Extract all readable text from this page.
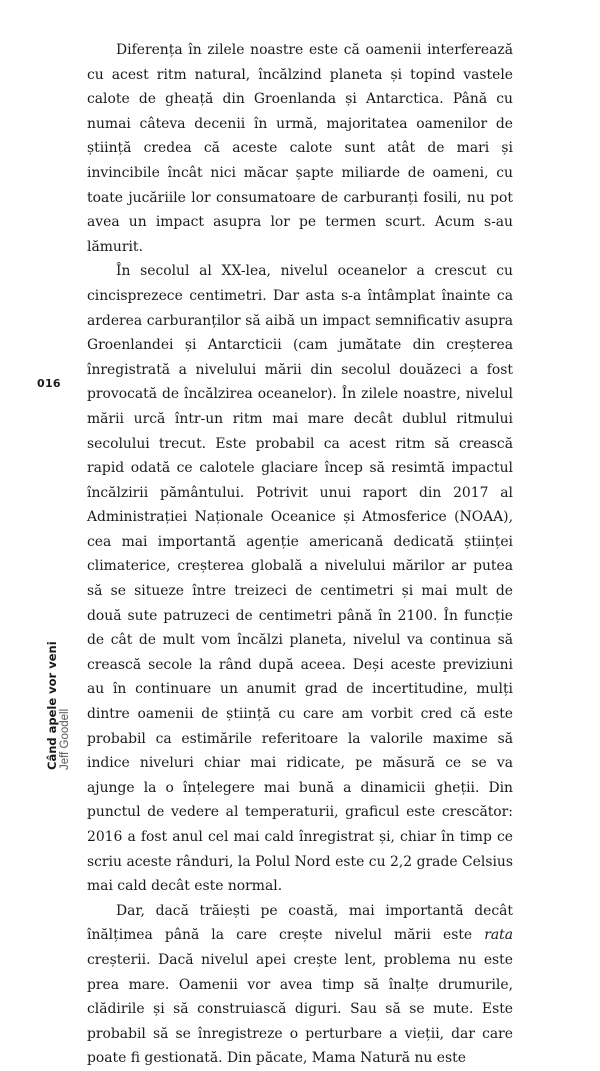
Diferența în zilele noastre este că oamenii interferează cu acest ritm natural, încălzind planeta și topind vastele calote de gheață din Groenlanda și Antarctica. Până cu numai câteva decenii în urmă, majoritatea oamenilor de știință credea că aceste calote sunt atât de mari și invincibile încât nici măcar șapte miliarde de oameni, cu toate jucăriile lor consumatoare de carburanți fosili, nu pot avea un impact asupra lor pe termen scurt. Acum s-au lămurit.

În secolul al XX-lea, nivelul oceanelor a crescut cu cincisprezece centimetri. Dar asta s-a întâmplat înainte ca arderea carburanților să aibă un impact semnificativ asupra Groenlandei și Antarcticii (cam jumătate din creșterea înregistrată a nivelului mării din secolul douăzeci a fost provocată de încălzirea oceanelor). În zilele noastre, nivelul mării urcă într-un ritm mai mare decât dublul ritmului secolului trecut. Este probabil ca acest ritm să crească rapid odată ce calotele glaciare încep să resimtă impactul încălzirii pământului. Potrivit unui raport din 2017 al Administrației Naționale Oceanice și Atmosferice (NOAA), cea mai importantă agenție americană dedicată științei climaterice, creșterea globală a nivelului mărilor ar putea să se situeze între treizeci de centimetri și mai mult de două sute patruzeci de centimetri până în 2100. În funcție de cât de mult vom încălzi planeta, nivelul va continua să crească secole la rând după aceea. Deși aceste previziuni au în continuare un anumit grad de incertitudine, mulți dintre oamenii de știință cu care am vorbit cred că este probabil ca estimările referitoare la valorile maxime să indice niveluri chiar mai ridicate, pe măsură ce se va ajunge la o înțelegere mai bună a dinamicii gheții. Din punctul de vedere al temperaturii, graficul este crescător: 2016 a fost anul cel mai cald înregistrat și, chiar în timp ce scriu aceste rânduri, la Polul Nord este cu 2,2 grade Celsius mai cald decât este normal.

Dar, dacă trăiești pe coastă, mai importantă decât înălțimea până la care crește nivelul mării este rata creșterii. Dacă nivelul apei crește lent, problema nu este prea mare. Oamenii vor avea timp să înalțe drumurile, clădirile și să construiască diguri. Sau să se mute. Este probabil să se înregistreze o perturbare a vieții, dar care poate fi gestionată. Din păcate, Mama Natură nu este

016
Când apele vor veni Jeff Goodell
